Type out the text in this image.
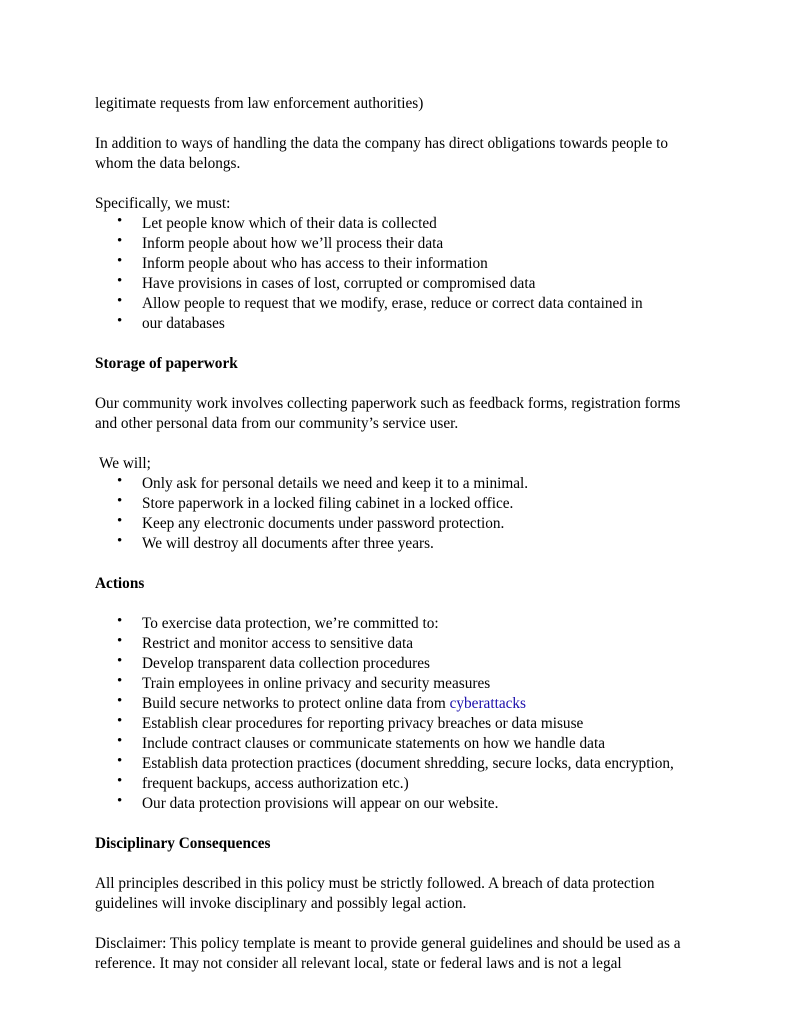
legitimate requests from law enforcement authorities)

In addition to ways of handling the data the company has direct obligations towards people to whom the data belongs.

Specifically, we must:

• Let people know which of their data is collected
• Inform people about how we’ll process their data
• Inform people about who has access to their information
• Have provisions in cases of lost, corrupted or compromised data
• Allow people to request that we modify, erase, reduce or correct data contained in
• our databases

Storage of paperwork

Our community work involves collecting paperwork such as feedback forms, registration forms and other personal data from our community’s service user.

We will;

• Only ask for personal details we need and keep it to a minimal.
• Store paperwork in a locked filing cabinet in a locked office.
• Keep any electronic documents under password protection.
• We will destroy all documents after three years.

Actions

• To exercise data protection, we’re committed to:
• Restrict and monitor access to sensitive data
• Develop transparent data collection procedures
• Train employees in online privacy and security measures
• Build secure networks to protect online data from cyberattacks
• Establish clear procedures for reporting privacy breaches or data misuse
• Include contract clauses or communicate statements on how we handle data
• Establish data protection practices (document shredding, secure locks, data encryption,
• frequent backups, access authorization etc.)
• Our data protection provisions will appear on our website.

Disciplinary Consequences

All principles described in this policy must be strictly followed. A breach of data protection guidelines will invoke disciplinary and possibly legal action.

Disclaimer: This policy template is meant to provide general guidelines and should be used as a reference. It may not consider all relevant local, state or federal laws and is not a legal
